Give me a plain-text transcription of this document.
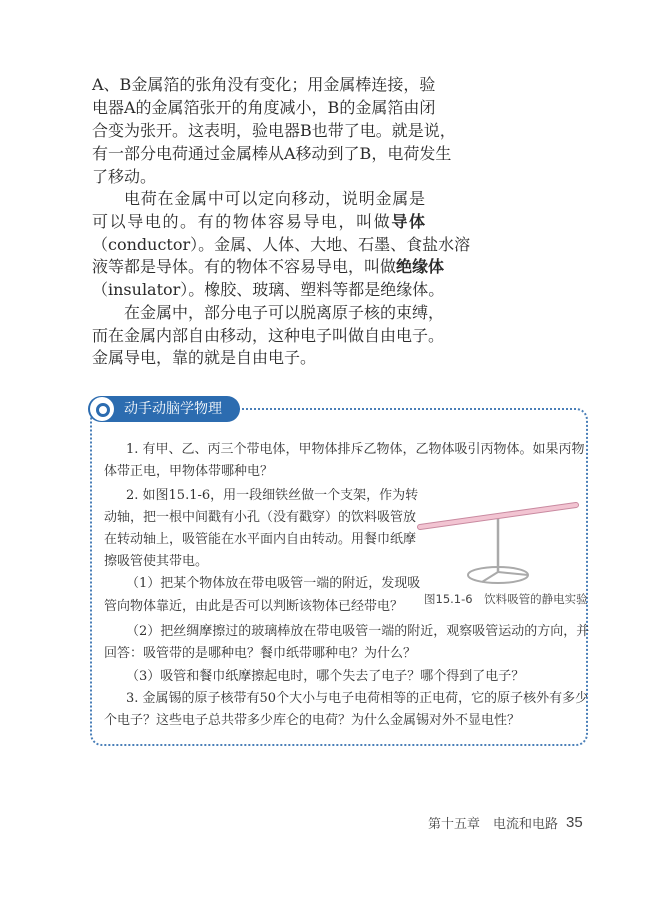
A、B金属箔的张角没有变化；用金属棒连接，验
电器A的金属箔张开的角度减小，B的金属箔由闭
合变为张开。这表明，验电器B也带了电。就是说，
有一部分电荷通过金属棒从A移动到了B，电荷发生
了移动。
电荷在金属中可以定向移动，说明金属是
可以导电的。有的物体容易导电，叫做导体
（conductor）。金属、人体、大地、石墨、食盐水溶
液等都是导体。有的物体不容易导电，叫做绝缘体
（insulator）。橡胶、玻璃、塑料等都是绝缘体。
在金属中，部分电子可以脱离原子核的束缚，
而在金属内部自由移动，这种电子叫做自由电子。
金属导电，靠的就是自由电子。
动手动脑学物理
1. 有甲、乙、丙三个带电体，甲物体排斥乙物体，乙物体吸引丙物体。如果丙物
体带正电，甲物体带哪种电？
2. 如图15.1-6，用一段细铁丝做一个支架，作为转
动轴，把一根中间戳有小孔（没有戳穿）的饮料吸管放
在转动轴上，吸管能在水平面内自由转动。用餐巾纸摩
擦吸管使其带电。
（1）把某个物体放在带电吸管一端的附近，发现吸
管向物体靠近，由此是否可以判断该物体已经带电？
（2）把丝绸摩擦过的玻璃棒放在带电吸管一端的附近，观察吸管运动的方向，并
回答：吸管带的是哪种电？餐巾纸带哪种电？为什么？
（3）吸管和餐巾纸摩擦起电时，哪个失去了电子？哪个得到了电子？
3. 金属锡的原子核带有50个大小与电子电荷相等的正电荷，它的原子核外有多少
个电子？这些电子总共带多少库仑的电荷？为什么金属锡对外不显电性？
图15.1-6　饮料吸管的静电实验
第十五章　电流和电路 35
